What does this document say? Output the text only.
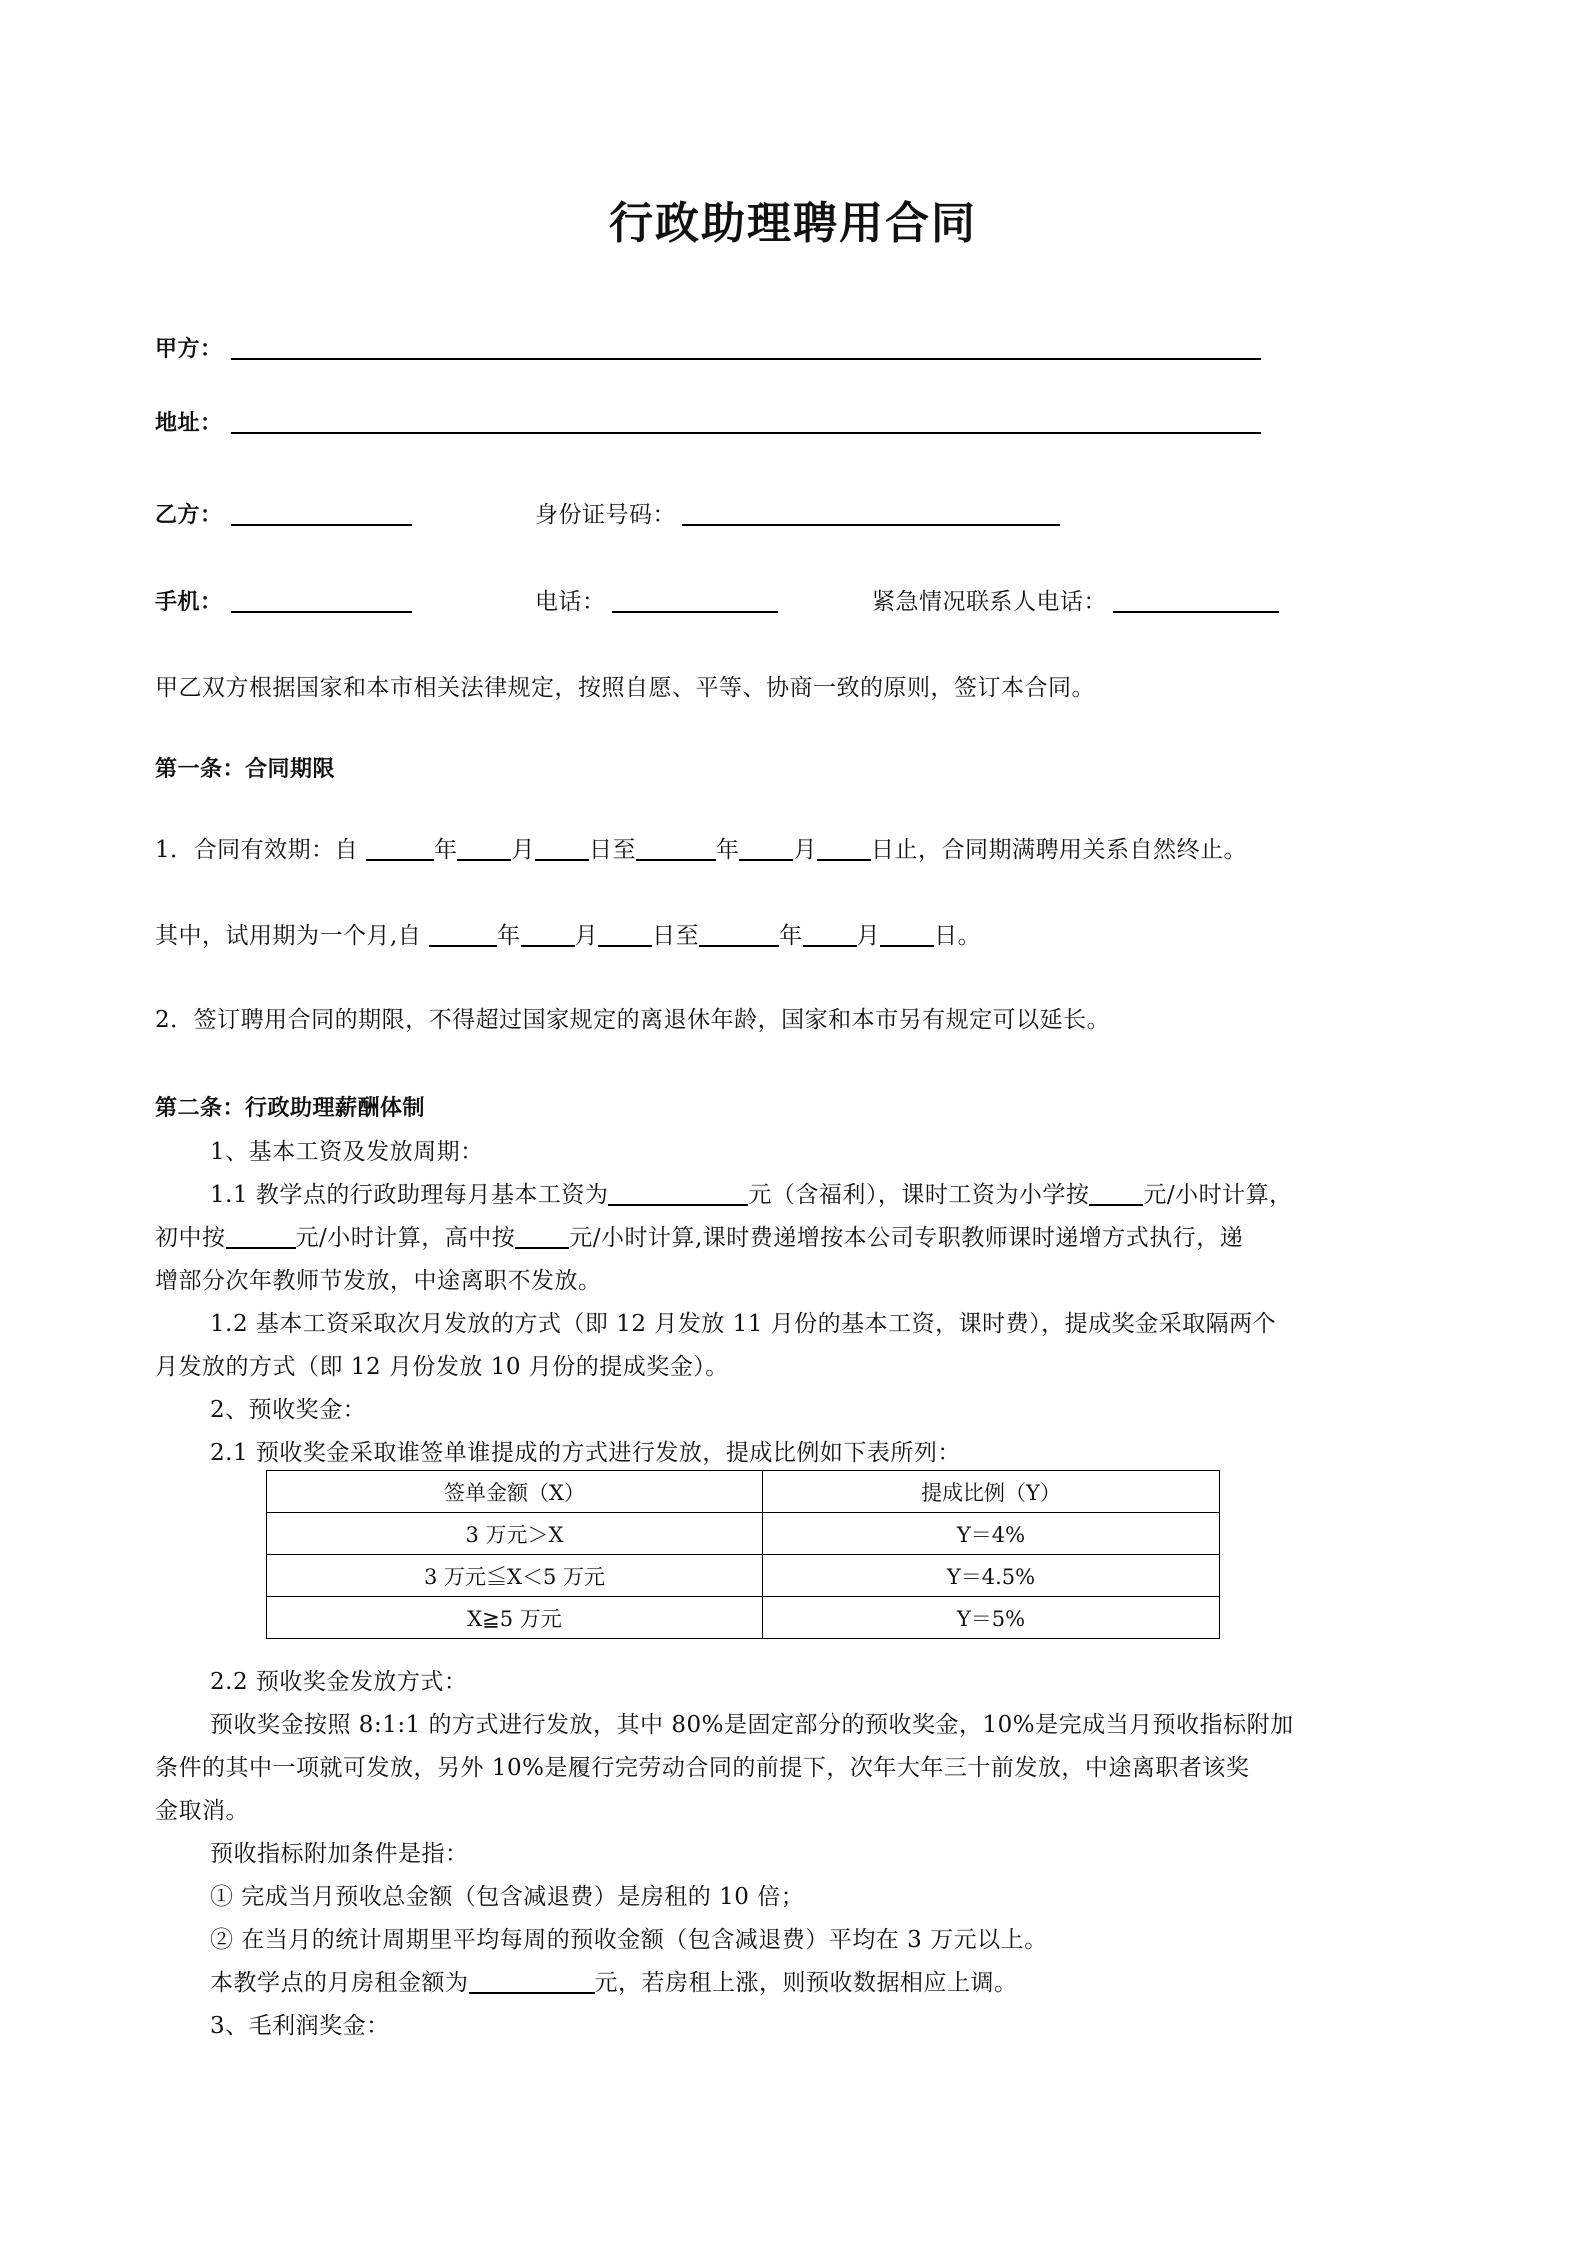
行政助理聘用合同
甲方：
地址：
乙方：	身份证号码：
手机：	电话：	紧急情况联系人电话：
甲乙双方根据国家和本市相关法律规定，按照自愿、平等、协商一致的原则，签订本合同。
第一条：合同期限
1．合同有效期：自	年 月 日至	年 月 日止，合同期满聘用关系自然终止。
其中，试用期为一个月,自	年 月 日至	年 月 日。
2．签订聘用合同的期限，不得超过国家规定的离退休年龄，国家和本市另有规定可以延长。
第二条：行政助理薪酬体制
1、基本工资及发放周期：
1.1 教学点的行政助理每月基本工资为	元（含福利），课时工资为小学按 元/小时计算，
初中按	元/小时计算，高中按 元/小时计算,课时费递增按本公司专职教师课时递增方式执行，递
增部分次年教师节发放，中途离职不发放。
1.2 基本工资采取次月发放的方式（即 12 月发放 11 月份的基本工资，课时费），提成奖金采取隔两个
月发放的方式（即 12 月份发放 10 月份的提成奖金）。
2、预收奖金：
2.1 预收奖金采取谁签单谁提成的方式进行发放，提成比例如下表所列：
签单金额（X）	提成比例（Y）
3 万元＞X	Y＝4%
3 万元≦X＜5 万元	Y＝4.5%
X≧5 万元	Y＝5%
2.2 预收奖金发放方式：
预收奖金按照 8:1:1 的方式进行发放，其中 80%是固定部分的预收奖金，10%是完成当月预收指标附加
条件的其中一项就可发放，另外 10%是履行完劳动合同的前提下，次年大年三十前发放，中途离职者该奖
金取消。
预收指标附加条件是指：
① 完成当月预收总金额（包含减退费）是房租的 10 倍；
② 在当月的统计周期里平均每周的预收金额（包含减退费）平均在 3 万元以上。
本教学点的月房租金额为	元，若房租上涨，则预收数据相应上调。
3、毛利润奖金：
